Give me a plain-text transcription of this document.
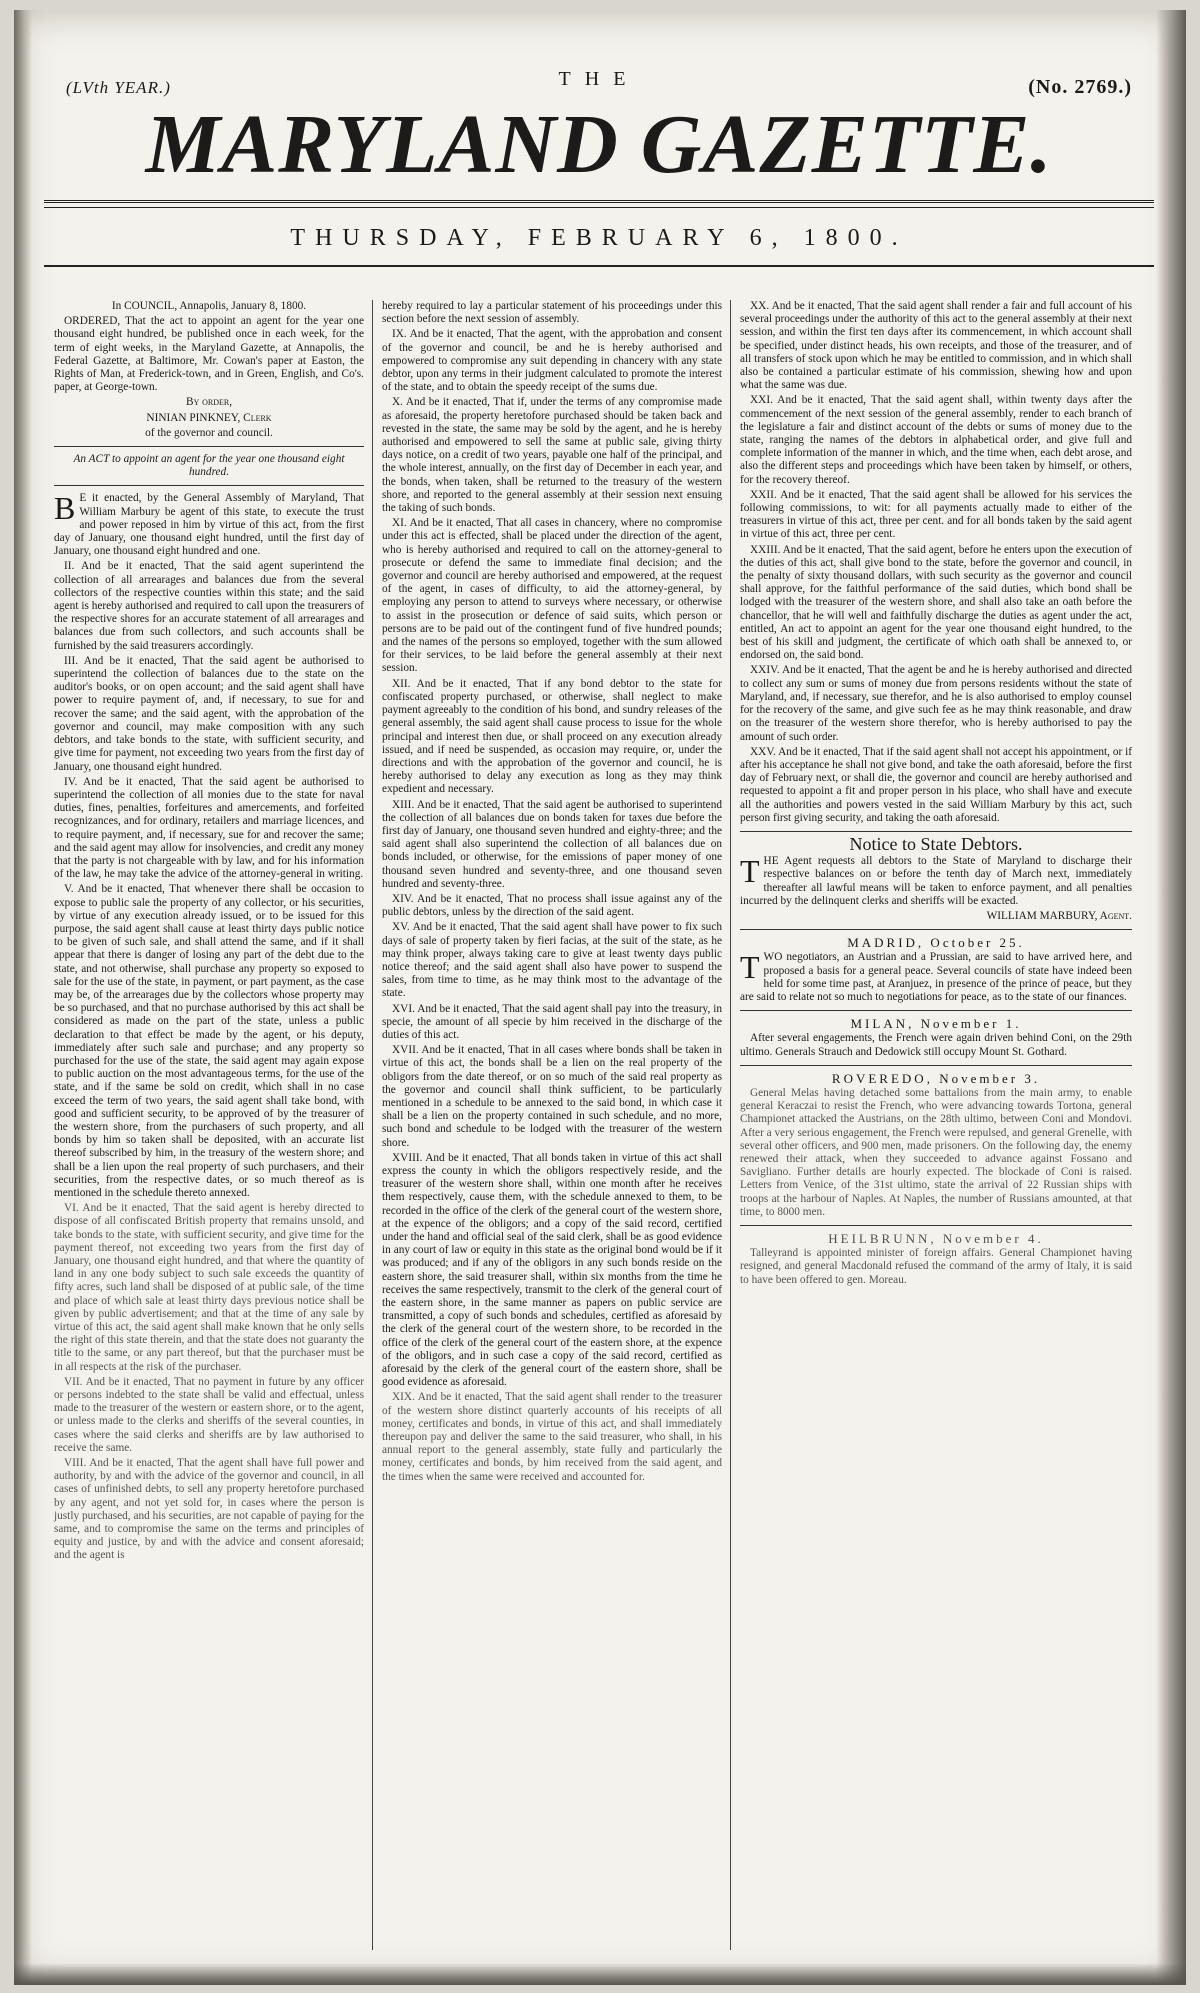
(LVth YEAR.)	THE	(No. 2769.)
MARYLAND GAZETTE.
THURSDAY, FEBRUARY 6, 1800.

In COUNCIL, Annapolis, January 8, 1800.

ORDERED, That the act to appoint an agent for the year one thousand eight hundred, be published once in each week, for the term of eight weeks, in the Maryland Gazette, at Annapolis, the Federal Gazette, at Baltimore, Mr. Cowan's paper at Easton, the Rights of Man, at Frederick-town, and in Green, English, and Co's. paper, at George-town.

By order,

NINIAN PINKNEY, Clerk

of the governor and council.

An ACT to appoint an agent for the year one thousand eight hundred.

B E it enacted, by the General Assembly of Maryland, That William Marbury be agent of this state, to execute the trust and power reposed in him by virtue of this act, from the first day of January, one thousand eight hundred, until the first day of January, one thousand eight hundred and one.

II. And be it enacted, That the said agent superintend the collection of all arrearages and balances due from the several collectors of the respective counties within this state; and the said agent is hereby authorised and required to call upon the treasurers of the respective shores for an accurate statement of all arrearages and balances due from such collectors, and such accounts shall be furnished by the said treasurers accordingly.

III. And be it enacted, That the said agent be authorised to superintend the collection of balances due to the state on the auditor's books, or on open account; and the said agent shall have power to require payment of, and, if necessary, to sue for and recover the same; and the said agent, with the approbation of the governor and council, may make composition with any such debtors, and take bonds to the state, with sufficient security, and give time for payment, not exceeding two years from the first day of January, one thousand eight hundred.

IV. And be it enacted, That the said agent be authorised to superintend the collection of all monies due to the state for naval duties, fines, penalties, forfeitures and amercements, and forfeited recognizances, and for ordinary, retailers and marriage licences, and to require payment, and, if necessary, sue for and recover the same; and the said agent may allow for insolvencies, and credit any money that the party is not chargeable with by law, and for his information of the law, he may take the advice of the attorney-general in writing.

V. And be it enacted, That whenever there shall be occasion to expose to public sale the property of any collector, or his securities, by virtue of any execution already issued, or to be issued for this purpose, the said agent shall cause at least thirty days public notice to be given of such sale, and shall attend the same, and if it shall appear that there is danger of losing any part of the debt due to the state, and not otherwise, shall purchase any property so exposed to sale for the use of the state, in payment, or part payment, as the case may be, of the arrearages due by the collectors whose property may be so purchased, and that no purchase authorised by this act shall be considered as made on the part of the state, unless a public declaration to that effect be made by the agent, or his deputy, immediately after such sale and purchase; and any property so purchased for the use of the state, the said agent may again expose to public auction on the most advantageous terms, for the use of the state, and if the same be sold on credit, which shall in no case exceed the term of two years, the said agent shall take bond, with good and sufficient security, to be approved of by the treasurer of the western shore, from the purchasers of such property, and all bonds by him so taken shall be deposited, with an accurate list thereof subscribed by him, in the treasury of the western shore; and shall be a lien upon the real property of such purchasers, and their securities, from the respective dates, or so much thereof as is mentioned in the schedule thereto annexed.

VI. And be it enacted, That the said agent is hereby directed to dispose of all confiscated British property that remains unsold, and take bonds to the state, with sufficient security, and give time for the payment thereof, not exceeding two years from the first day of January, one thousand eight hundred, and that where the quantity of land in any one body subject to such sale exceeds the quantity of fifty acres, such land shall be disposed of at public sale, of the time and place of which sale at least thirty days previous notice shall be given by public advertisement; and that at the time of any sale by virtue of this act, the said agent shall make known that he only sells the right of this state therein, and that the state does not guaranty the title to the same, or any part thereof, but that the purchaser must be in all respects at the risk of the purchaser.

VII. And be it enacted, That no payment in future by any officer or persons indebted to the state shall be valid and effectual, unless made to the treasurer of the western or eastern shore, or to the agent, or unless made to the clerks and sheriffs of the several counties, in cases where the said clerks and sheriffs are by law authorised to receive the same.

VIII. And be it enacted, That the agent shall have full power and authority, by and with the advice of the governor and council, in all cases of unfinished debts, to sell any property heretofore purchased by any agent, and not yet sold for, in cases where the person is justly purchased, and his securities, are not capable of paying for the same, and to compromise the same on the terms and principles of equity and justice, by and with the advice and consent aforesaid; and the agent is

hereby required to lay a particular statement of his proceedings under this section before the next session of assembly.

IX. And be it enacted, That the agent, with the approbation and consent of the governor and council, be and he is hereby authorised and empowered to compromise any suit depending in chancery with any state debtor, upon any terms in their judgment calculated to promote the interest of the state, and to obtain the speedy receipt of the sums due.

X. And be it enacted, That if, under the terms of any compromise made as aforesaid, the property heretofore purchased should be taken back and revested in the state, the same may be sold by the agent, and he is hereby authorised and empowered to sell the same at public sale, giving thirty days notice, on a credit of two years, payable one half of the principal, and the whole interest, annually, on the first day of December in each year, and the bonds, when taken, shall be returned to the treasury of the western shore, and reported to the general assembly at their session next ensuing the taking of such bonds.

XI. And be it enacted, That all cases in chancery, where no compromise under this act is effected, shall be placed under the direction of the agent, who is hereby authorised and required to call on the attorney-general to prosecute or defend the same to immediate final decision; and the governor and council are hereby authorised and empowered, at the request of the agent, in cases of difficulty, to aid the attorney-general, by employing any person to attend to surveys where necessary, or otherwise to assist in the prosecution or defence of said suits, which person or persons are to be paid out of the contingent fund of five hundred pounds; and the names of the persons so employed, together with the sum allowed for their services, to be laid before the general assembly at their next session.

XII. And be it enacted, That if any bond debtor to the state for confiscated property purchased, or otherwise, shall neglect to make payment agreeably to the condition of his bond, and sundry releases of the general assembly, the said agent shall cause process to issue for the whole principal and interest then due, or shall proceed on any execution already issued, and if need be suspended, as occasion may require, or, under the directions and with the approbation of the governor and council, he is hereby authorised to delay any execution as long as they may think expedient and necessary.

XIII. And be it enacted, That the said agent be authorised to superintend the collection of all balances due on bonds taken for taxes due before the first day of January, one thousand seven hundred and eighty-three; and the said agent shall also superintend the collection of all balances due on bonds included, or otherwise, for the emissions of paper money of one thousand seven hundred and seventy-three, and one thousand seven hundred and seventy-three.

XIV. And be it enacted, That no process shall issue against any of the public debtors, unless by the direction of the said agent.

XV. And be it enacted, That the said agent shall have power to fix such days of sale of property taken by fieri facias, at the suit of the state, as he may think proper, always taking care to give at least twenty days public notice thereof; and the said agent shall also have power to suspend the sales, from time to time, as he may think most to the advantage of the state.

XVI. And be it enacted, That the said agent shall pay into the treasury, in specie, the amount of all specie by him received in the discharge of the duties of this act.

XVII. And be it enacted, That in all cases where bonds shall be taken in virtue of this act, the bonds shall be a lien on the real property of the obligors from the date thereof, or on so much of the said real property as the governor and council shall think sufficient, to be particularly mentioned in a schedule to be annexed to the said bond, in which case it shall be a lien on the property contained in such schedule, and no more, such bond and schedule to be lodged with the treasurer of the western shore.

XVIII. And be it enacted, That all bonds taken in virtue of this act shall express the county in which the obligors respectively reside, and the treasurer of the western shore shall, within one month after he receives them respectively, cause them, with the schedule annexed to them, to be recorded in the office of the clerk of the general court of the western shore, at the expence of the obligors; and a copy of the said record, certified under the hand and official seal of the said clerk, shall be as good evidence in any court of law or equity in this state as the original bond would be if it was produced; and if any of the obligors in any such bonds reside on the eastern shore, the said treasurer shall, within six months from the time he receives the same respectively, transmit to the clerk of the general court of the eastern shore, in the same manner as papers on public service are transmitted, a copy of such bonds and schedules, certified as aforesaid by the clerk of the general court of the western shore, to be recorded in the office of the clerk of the general court of the eastern shore, at the expence of the obligors, and in such case a copy of the said record, certified as aforesaid by the clerk of the general court of the eastern shore, shall be good evidence as aforesaid.

XIX. And be it enacted, That the said agent shall render to the treasurer of the western shore distinct quarterly accounts of his receipts of all money, certificates and bonds, in virtue of this act, and shall immediately thereupon pay and deliver the same to the said treasurer, who shall, in his annual report to the general assembly, state fully and particularly the money, certificates and bonds, by him received from the said agent, and the times when the same were received and accounted for.

XX. And be it enacted, That the said agent shall render a fair and full account of his several proceedings under the authority of this act to the general assembly at their next session, and within the first ten days after its commencement, in which account shall be specified, under distinct heads, his own receipts, and those of the treasurer, and of all transfers of stock upon which he may be entitled to commission, and in which shall also be contained a particular estimate of his commission, shewing how and upon what the same was due.

XXI. And be it enacted, That the said agent shall, within twenty days after the commencement of the next session of the general assembly, render to each branch of the legislature a fair and distinct account of the debts or sums of money due to the state, ranging the names of the debtors in alphabetical order, and give full and complete information of the manner in which, and the time when, each debt arose, and also the different steps and proceedings which have been taken by himself, or others, for the recovery thereof.

XXII. And be it enacted, That the said agent shall be allowed for his services the following commissions, to wit: for all payments actually made to either of the treasurers in virtue of this act, three per cent. and for all bonds taken by the said agent in virtue of this act, three per cent.

XXIII. And be it enacted, That the said agent, before he enters upon the execution of the duties of this act, shall give bond to the state, before the governor and council, in the penalty of sixty thousand dollars, with such security as the governor and council shall approve, for the faithful performance of the said duties, which bond shall be lodged with the treasurer of the western shore, and shall also take an oath before the chancellor, that he will well and faithfully discharge the duties as agent under the act, entitled, An act to appoint an agent for the year one thousand eight hundred, to the best of his skill and judgment, the certificate of which oath shall be annexed to, or endorsed on, the said bond.

XXIV. And be it enacted, That the agent be and he is hereby authorised and directed to collect any sum or sums of money due from persons residents without the state of Maryland, and, if necessary, sue therefor, and he is also authorised to employ counsel for the recovery of the same, and give such fee as he may think reasonable, and draw on the treasurer of the western shore therefor, who is hereby authorised to pay the amount of such order.

XXV. And be it enacted, That if the said agent shall not accept his appointment, or if after his acceptance he shall not give bond, and take the oath aforesaid, before the first day of February next, or shall die, the governor and council are hereby authorised and requested to appoint a fit and proper person in his place, who shall have and execute all the authorities and powers vested in the said William Marbury by this act, such person first giving security, and taking the oath aforesaid.

Notice to State Debtors.

THE Agent requests all debtors to the State of Maryland to discharge their respective balances on or before the tenth day of March next, immediately thereafter all lawful means will be taken to enforce payment, and all penalties incurred by the delinquent clerks and sheriffs will be exacted.

WILLIAM MARBURY, Agent.

MADRID, October 25.

TWO negotiators, an Austrian and a Prussian, are said to have arrived here, and proposed a basis for a general peace. Several councils of state have indeed been held for some time past, at Aranjuez, in presence of the prince of peace, but they are said to relate not so much to negotiations for peace, as to the state of our finances.

MILAN, November 1.

After several engagements, the French were again driven behind Coni, on the 29th ultimo. Generals Strauch and Dedowick still occupy Mount St. Gothard.

ROVEREDO, November 3.

General Melas having detached some battalions from the main army, to enable general Keraczai to resist the French, who were advancing towards Tortona, general Championet attacked the Austrians, on the 28th ultimo, between Coni and Mondovi. After a very serious engagement, the French were repulsed, and general Grenelle, with several other officers, and 900 men, made prisoners. On the following day, the enemy renewed their attack, when they succeeded to advance against Fossano and Savigliano. Further details are hourly expected. The blockade of Coni is raised. Letters from Venice, of the 31st ultimo, state the arrival of 22 Russian ships with troops at the harbour of Naples. At Naples, the number of Russians amounted, at that time, to 8000 men.

HEILBRUNN, November 4.

Talleyrand is appointed minister of foreign affairs. General Championet having resigned, and general Macdonald refused the command of the army of Italy, it is said to have been offered to gen. Moreau.
